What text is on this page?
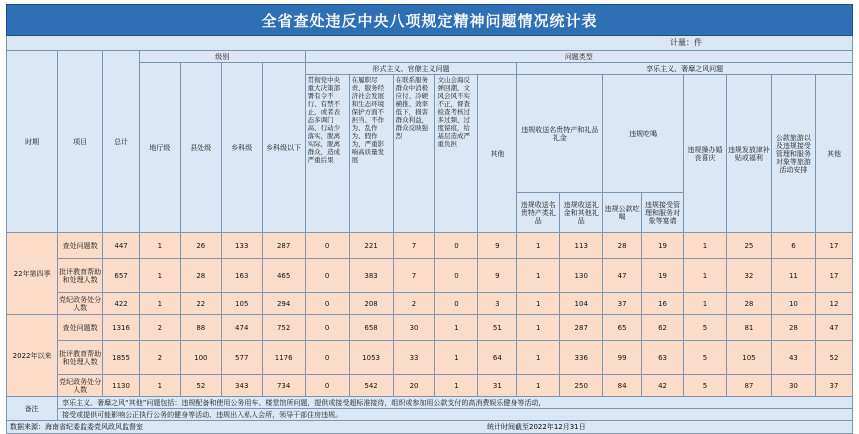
全省查处违反中央八项规定精神问题情况统计表
计量：件
时期	项目	总计	级别				问题类型												
			地厅级	县处级	乡科级	乡科级以下	形式主义、官僚主义问题					享乐主义、奢靡之风问题							
							贯彻党中央重大决策部署有令不行、有禁不止，或者表态多调门高、行动少落实，脱离实际，脱离群众，造成严重后果	在履职尽责、服务经济社会发展和生态环境保护方面不担当、不作为、乱作为、假作为，严重影响高质量发展	在联系服务群众中消极应付、冷硬横推、效率低下，损害群众利益，群众反映强烈	文山会海反弹回潮，文风会风不实不正，督查检查考核过多过频、过度留痕，给基层造成严重负担	其他	违规收送名贵特产和礼品礼金		违规吃喝		违规操办婚丧喜庆	违规发放津补贴或福利	公款旅游以及违规接受管理和服务对象等旅游活动安排	其他
												违规收送名贵特产类礼品	违规收送礼金和其他礼品	违规公款吃喝	违规接受管理和服务对象等宴请				
22年第四季	查处问题数	447	1	26	133	287	0	221	7	0	9	1	113	28	19	1	25	6	17
	批评教育帮助和处理人数	657	1	28	163	465	0	383	7	0	9	1	130	47	19	1	32	11	17
	党纪政务处分人数	422	1	22	105	294	0	208	2	0	3	1	104	37	16	1	28	10	12
2022年以来	查处问题数	1316	2	88	474	752	0	658	30	1	51	1	287	65	62	5	81	28	47
	批评教育帮助和处理人数	1855	2	100	577	1176	0	1053	33	1	64	1	336	99	63	5	105	43	52
	党纪政务处分人数	1130	1	52	343	734	0	542	20	1	31	1	250	84	42	5	87	30	37
备注	享乐主义、奢靡之风“其他”问题包括：违规配备和使用公务用车、楼堂馆所问题，提供或接受超标准接待，组织或参加用公款支付的高消费娱乐健身等活动，																		
	接受或提供可能影响公正执行公务的健身等活动、违规出入私人会所，领导干部住房违规。																		
数据来源：海南省纪委监委党风政风监督室	统计时间截至2022年12月31日
